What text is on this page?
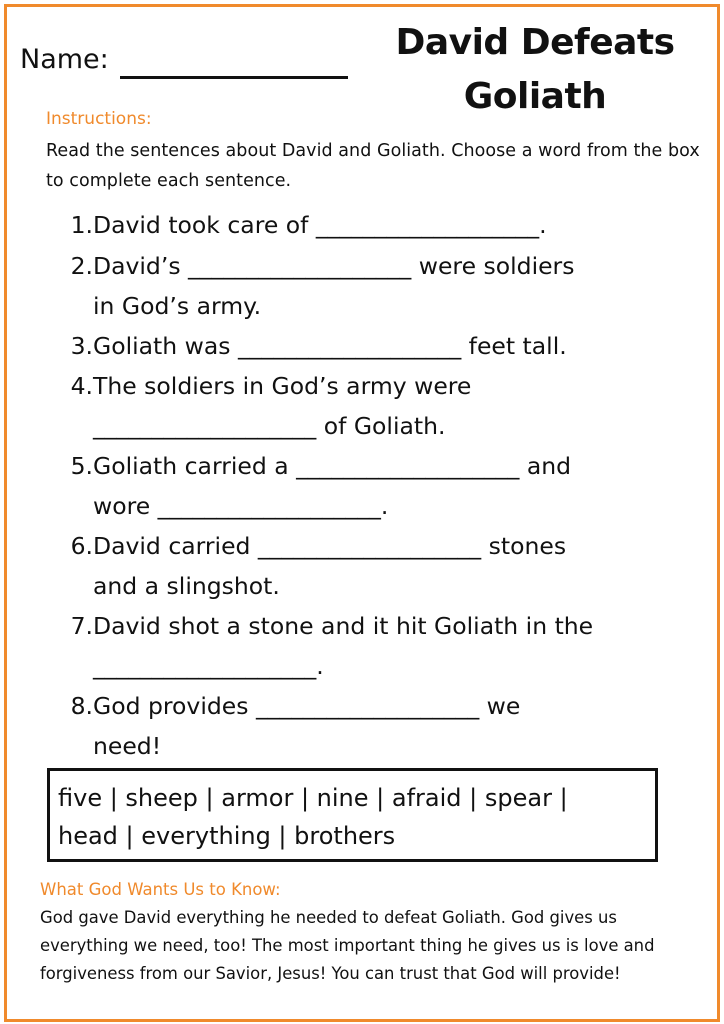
Name:	David Defeats
Goliath
Instructions:
Read the sentences about David and Goliath. Choose a word from the box to complete each sentence.
1. David took care of ___________________.
2. David’s ___________________ were soldiers
in God’s army.
3. Goliath was ___________________ feet tall.
4. The soldiers in God’s army were
___________________ of Goliath.
5. Goliath carried a ___________________ and
wore ___________________.
6. David carried ___________________ stones
and a slingshot.
7. David shot a stone and it hit Goliath in the
___________________.
8. God provides ___________________ we
need!
five | sheep | armor | nine | afraid | spear |
head | everything | brothers
What God Wants Us to Know:
God gave David everything he needed to defeat Goliath. God gives us everything we need, too! The most important thing he gives us is love and forgiveness from our Savior, Jesus! You can trust that God will provide!
